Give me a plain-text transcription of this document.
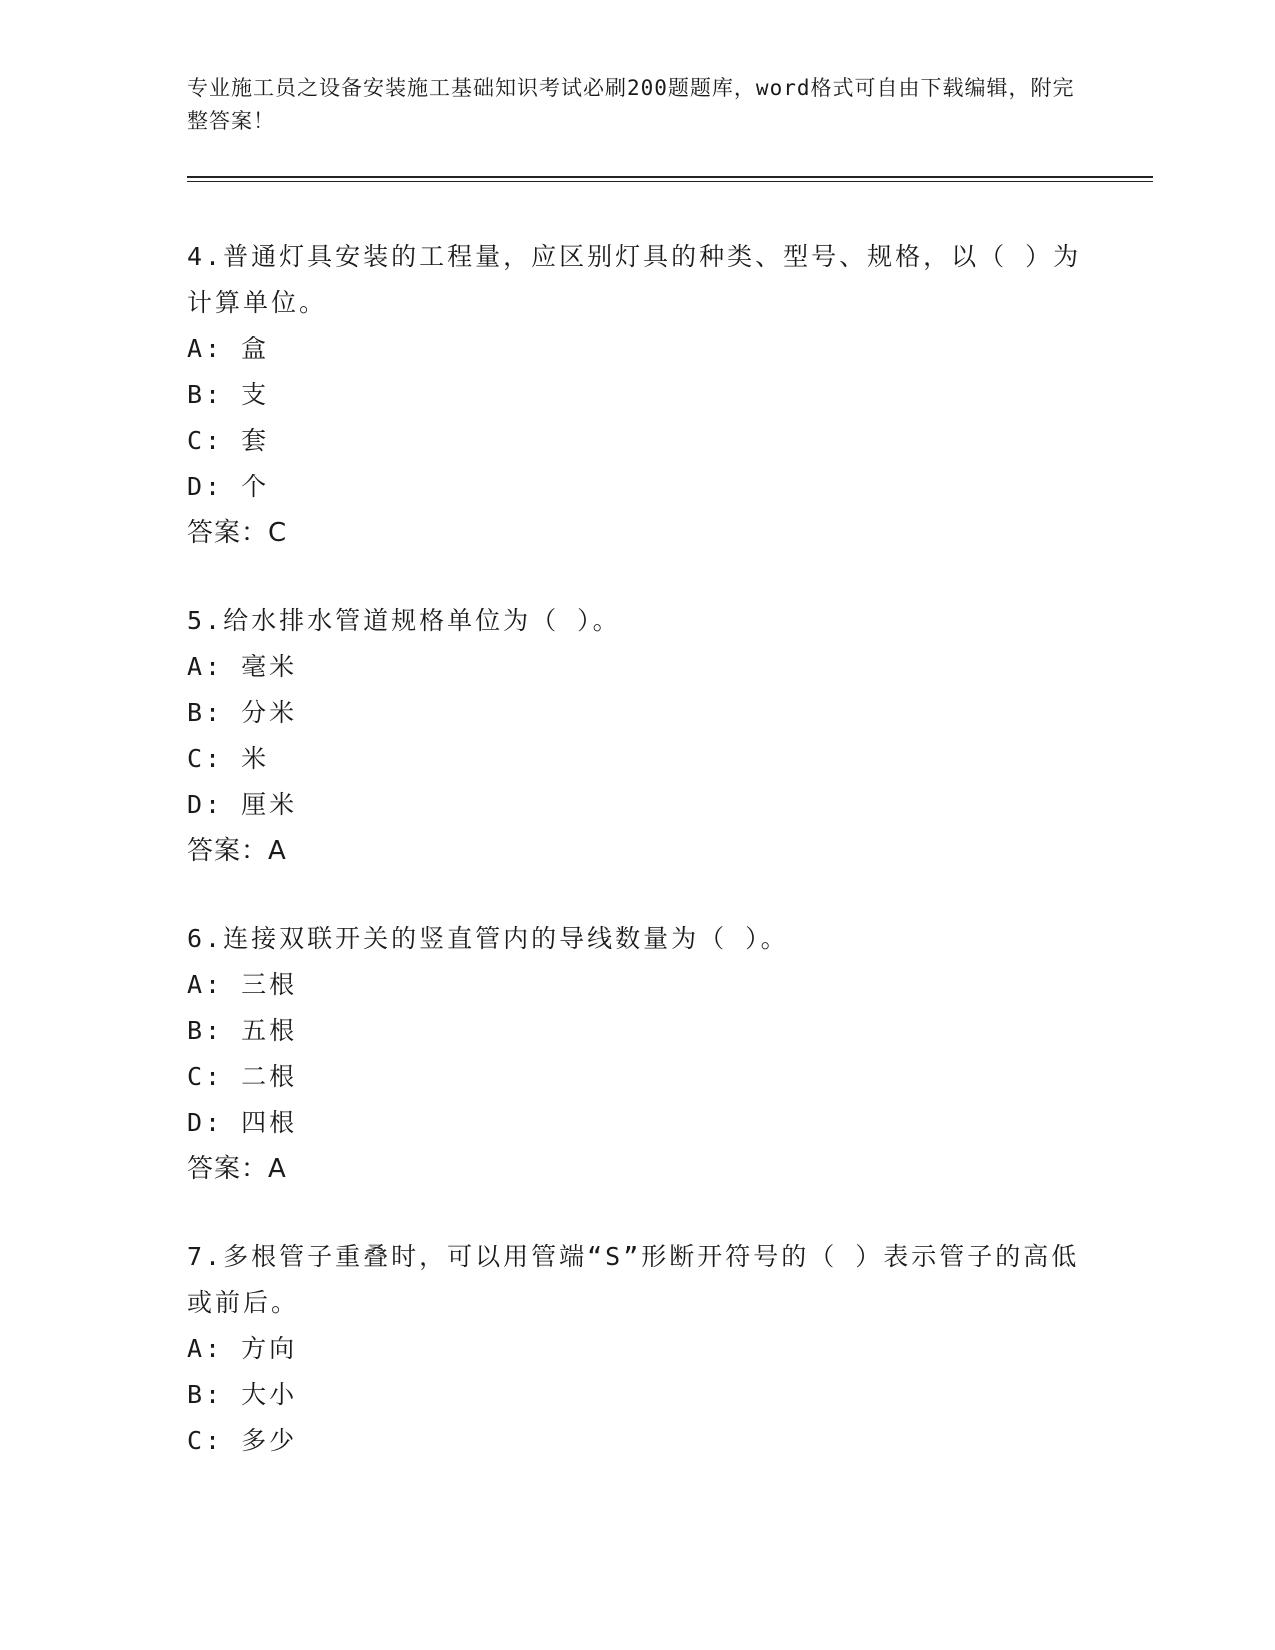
专业施工员之设备安装施工基础知识考试必刷200题题库，word格式可自由下载编辑，附完整答案！

4.普通灯具安装的工程量，应区别灯具的种类、型号、规格，以（ ）为计算单位。

A: 盒

B: 支

C: 套

D: 个

答案：C

5.给水排水管道规格单位为（ ）。

A: 毫米

B: 分米

C: 米

D: 厘米

答案：A

6.连接双联开关的竖直管内的导线数量为（ ）。

A: 三根

B: 五根

C: 二根

D: 四根

答案：A

7.多根管子重叠时，可以用管端“S”形断开符号的（ ）表示管子的高低或前后。

A: 方向

B: 大小

C: 多少
